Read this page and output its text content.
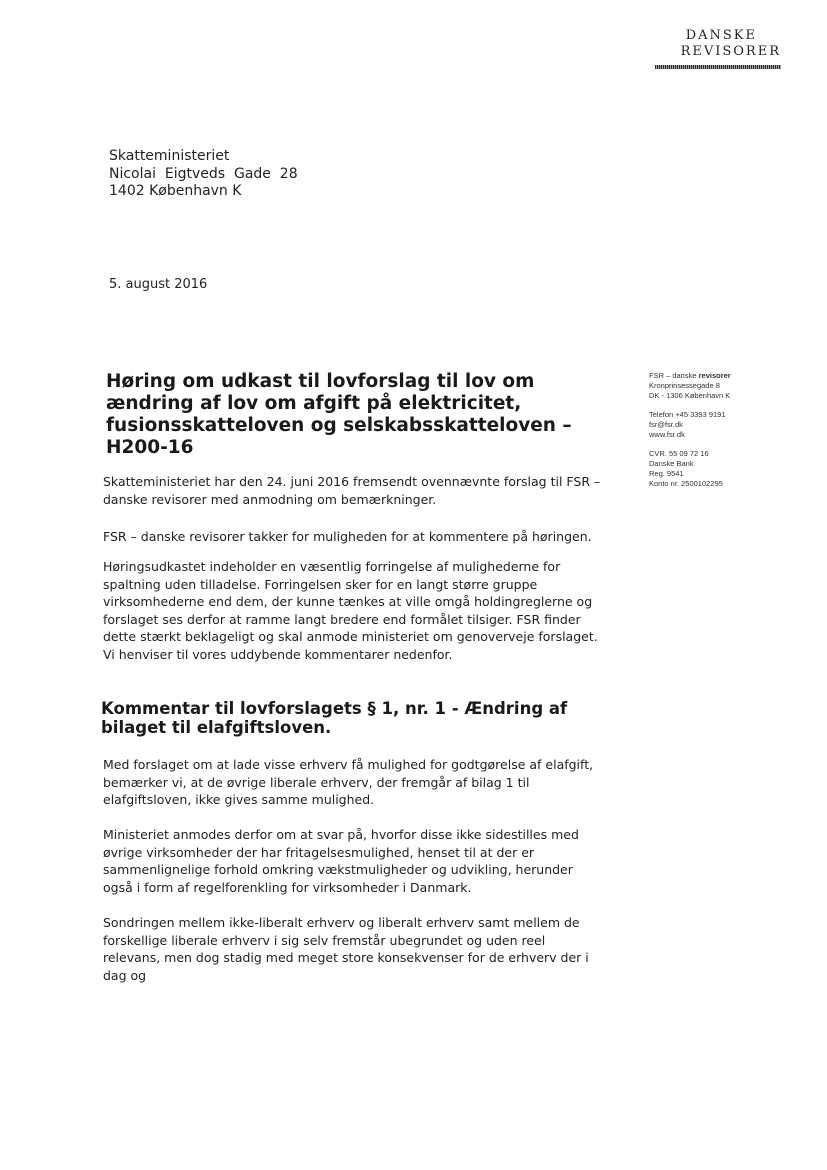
DANSKE
REVISORER
Skatteministeriet
Nicolai  Eigtveds  Gade  28
1402 København K
5. august 2016
Høring om udkast til lovforslag til lov om ændring af lov om afgift på elektricitet, fusionsskatteloven og selskabsskatteloven – H200-16
FSR – danske revisorer
Kronprinsessegade 8
DK - 1306 København K
Telefon +45 3393 9191
fsr@fsr.dk
www.fsr.dk
CVR. 55 09 72 16
Danske Bank
Reg. 9541
Konto nr. 2500102295

Skatteministeriet har den 24. juni 2016 fremsendt ovennævnte forslag til FSR – danske revisorer med anmodning om bemærkninger.

FSR – danske revisorer takker for muligheden for at kommentere på høringen.

Høringsudkastet indeholder en væsentlig forringelse af mulighederne for spaltning uden tilladelse. Forringelsen sker for en langt større gruppe virksomhederne end dem, der kunne tænkes at ville omgå holdingreglerne og forslaget ses derfor at ramme langt bredere end formålet tilsiger. FSR finder dette stærkt beklageligt og skal anmode ministeriet om genoverveje forslaget. Vi henviser til vores uddybende kommentarer nedenfor.

Kommentar til lovforslagets § 1, nr. 1 - Ændring af bilaget til elafgiftsloven.

Med forslaget om at lade visse erhverv få mulighed for godtgørelse af elafgift, bemærker vi, at de øvrige liberale erhverv, der fremgår af bilag 1 til elafgiftsloven, ikke gives samme mulighed.

Ministeriet anmodes derfor om at svar på, hvorfor disse ikke sidestilles med øvrige virksomheder der har fritagelsesmulighed, henset til at der er sammenlignelige forhold omkring vækstmuligheder og udvikling, herunder også i form af regelforenkling for virksomheder i Danmark.

Sondringen mellem ikke-liberalt erhverv og liberalt erhverv samt mellem de forskellige liberale erhverv i sig selv fremstår ubegrundet og uden reel relevans, men dog stadig med meget store konsekvenser for de erhverv der i dag og
